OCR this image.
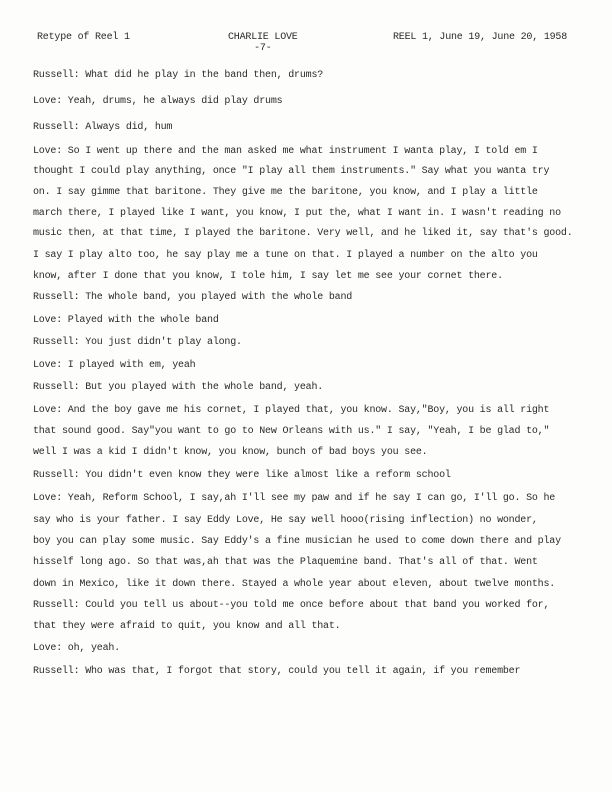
Retype of Reel 1	CHARLIE LOVE
-7-
REEL 1, June 19, June 20, 1958
Russell: What did he play in the band then, drums?
Love: Yeah, drums, he always did play drums
Russell: Always did, hum
Love: So I went up there and the man asked me what instrument I wanta play, I told em I
thought I could play anything, once "I play all them instruments." Say what you wanta try
on. I say gimme that baritone. They give me the baritone, you know, and I play a little
march there, I played like I want, you know, I put the, what I want in. I wasn't reading no
music then, at that time, I played the baritone. Very well, and he liked it, say that's good.
I say I play alto too, he say play me a tune on that. I played a number on the alto you
know, after I done that you know, I tole him, I say let me see your cornet there.
Russell: The whole band, you played with the whole band
Love: Played with the whole band
Russell: You just didn't play along.
Love: I played with em, yeah
Russell: But you played with the whole band, yeah.
Love: And the boy gave me his cornet, I played that, you know. Say,"Boy, you is all right
that sound good. Say"you want to go to New Orleans with us." I say, "Yeah, I be glad to,"
well I was a kid I didn't know, you know, bunch of bad boys you see.
Russell: You didn't even know they were like almost like a reform school
Love: Yeah, Reform School, I say,ah I'll see my paw and if he say I can go, I'll go. So he
say who is your father. I say Eddy Love, He say well hooo(rising inflection) no wonder,
boy you can play some music. Say Eddy's a fine musician he used to come down there and play
hisself long ago. So that was,ah that was the Plaquemine band. That's all of that. Went
down in Mexico, like it down there. Stayed a whole year about eleven, about twelve months.
Russell: Could you tell us about--you told me once before about that band you worked for,
that they were afraid to quit, you know and all that.
Love: oh, yeah.
Russell: Who was that, I forgot that story, could you tell it again, if you remember
